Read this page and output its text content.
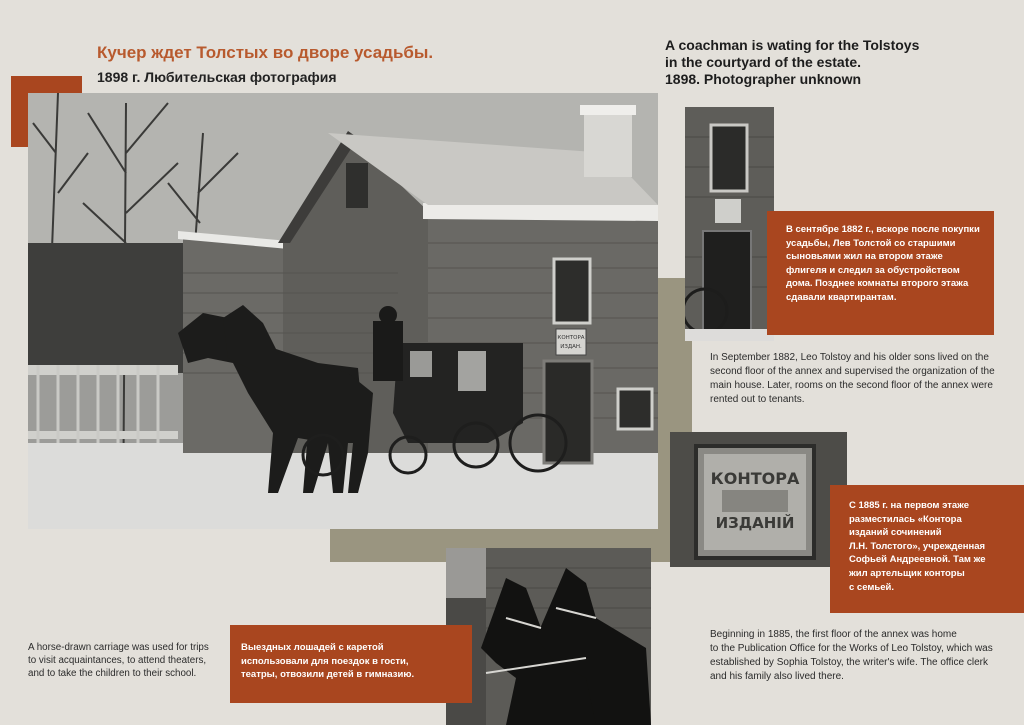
Кучер ждет Толстых во дворе усадьбы.
1898 г. Любительская фотография
A coachman is wating for the Tolstoys
in the courtyard of the estate.
1898. Photographer unknown
КОНТОРА
ИЗДАН.
В сентябре 1882 г., вскоре после покупки
усадьбы, Лев Толстой со старшими
сыновьями жил на втором этаже
флигеля и следил за обустройством
дома. Позднее комнаты второго этажа
сдавали квартирантам.
In September 1882, Leo Tolstoy and his older sons lived on the
second floor of the annex and supervised the organization of the
main house. Later, rooms on the second floor of the annex were
rented out to tenants.
КОНТОРА
ИЗДАНІЙ
С 1885 г. на первом этаже
разместилась «Контора
изданий сочинений
Л.Н. Толстого», учрежденная
Софьей Андреевной. Там же
жил артельщик конторы
с семьей.
Beginning in 1885, the first floor of the annex was home
to the Publication Office for the Works of Leo Tolstoy, which was
established by Sophia Tolstoy, the writer's wife. The office clerk
and his family also lived there.
Выездных лошадей с каретой
использовали для поездок в гости,
театры, отвозили детей в гимназию.
A horse-drawn carriage was used for trips
to visit acquaintances, to attend theaters,
and to take the children to their school.
